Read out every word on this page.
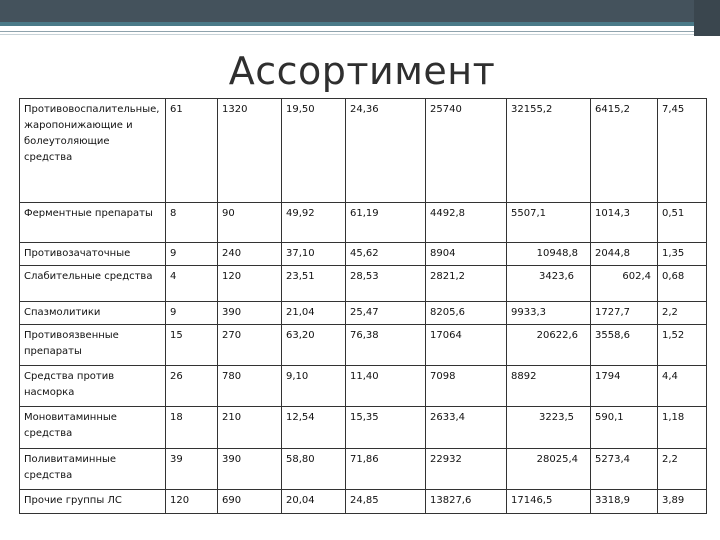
Ассортимент
Противовоспалительные, жаропонижающие и болеутоляющие средства	61	1320	19,50	24,36	25740	32155,2	6415,2	7,45
Ферментные препараты	8	90	49,92	61,19	4492,8	5507,1	1014,3	0,51
Противозачаточные	9	240	37,10	45,62	8904	10948,8	2044,8	1,35
Слабительные средства	4	120	23,51	28,53	2821,2	3423,6	602,4	0,68
Спазмолитики	9	390	21,04	25,47	8205,6	9933,3	1727,7	2,2
Противоязвенные препараты	15	270	63,20	76,38	17064	20622,6	3558,6	1,52
Средства против насморка	26	780	9,10	11,40	7098	8892	1794	4,4
Моновитаминные средства	18	210	12,54	15,35	2633,4	3223,5	590,1	1,18
Поливитаминные средства	39	390	58,80	71,86	22932	28025,4	5273,4	2,2
Прочие группы ЛС	120	690	20,04	24,85	13827,6	17146,5	3318,9	3,89
